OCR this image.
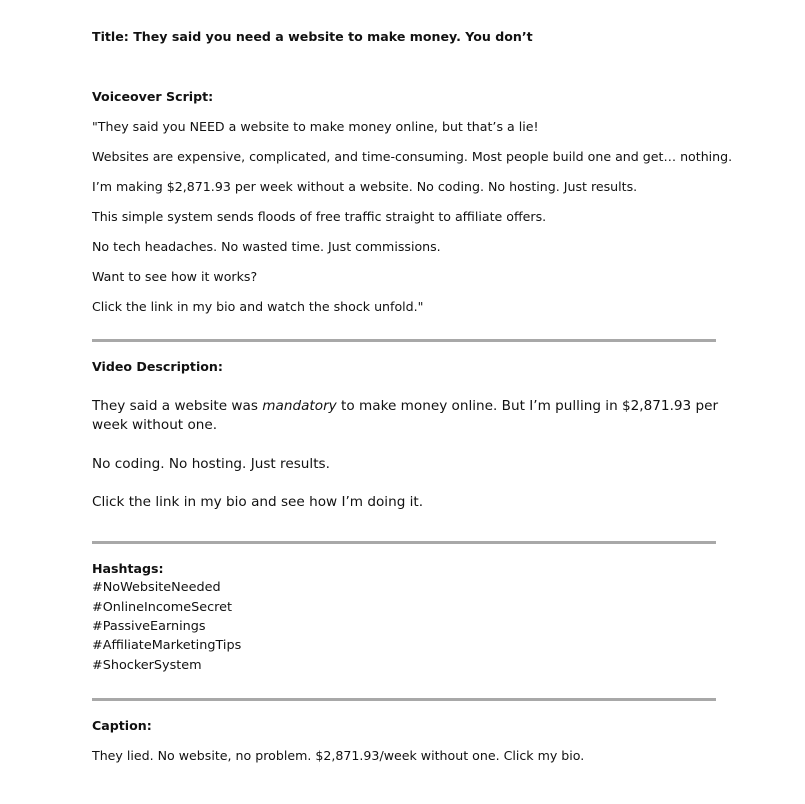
Title: They said you need a website to make money. You don’t
Voiceover Script:
"They said you NEED a website to make money online, but that’s a lie!
Websites are expensive, complicated, and time-consuming. Most people build one and get… nothing.
I’m making $2,871.93 per week without a website. No coding. No hosting. Just results.
This simple system sends floods of free traffic straight to affiliate offers.
No tech headaches. No wasted time. Just commissions.
Want to see how it works?
Click the link in my bio and watch the shock unfold."
Video Description:
They said a website was mandatory to make money online. But I’m pulling in $2,871.93 per
week without one.
No coding. No hosting. Just results.
Click the link in my bio and see how I’m doing it.
Hashtags:
#NoWebsiteNeeded
#OnlineIncomeSecret
#PassiveEarnings
#AffiliateMarketingTips
#ShockerSystem
Caption:
They lied. No website, no problem. $2,871.93/week without one. Click my bio.
